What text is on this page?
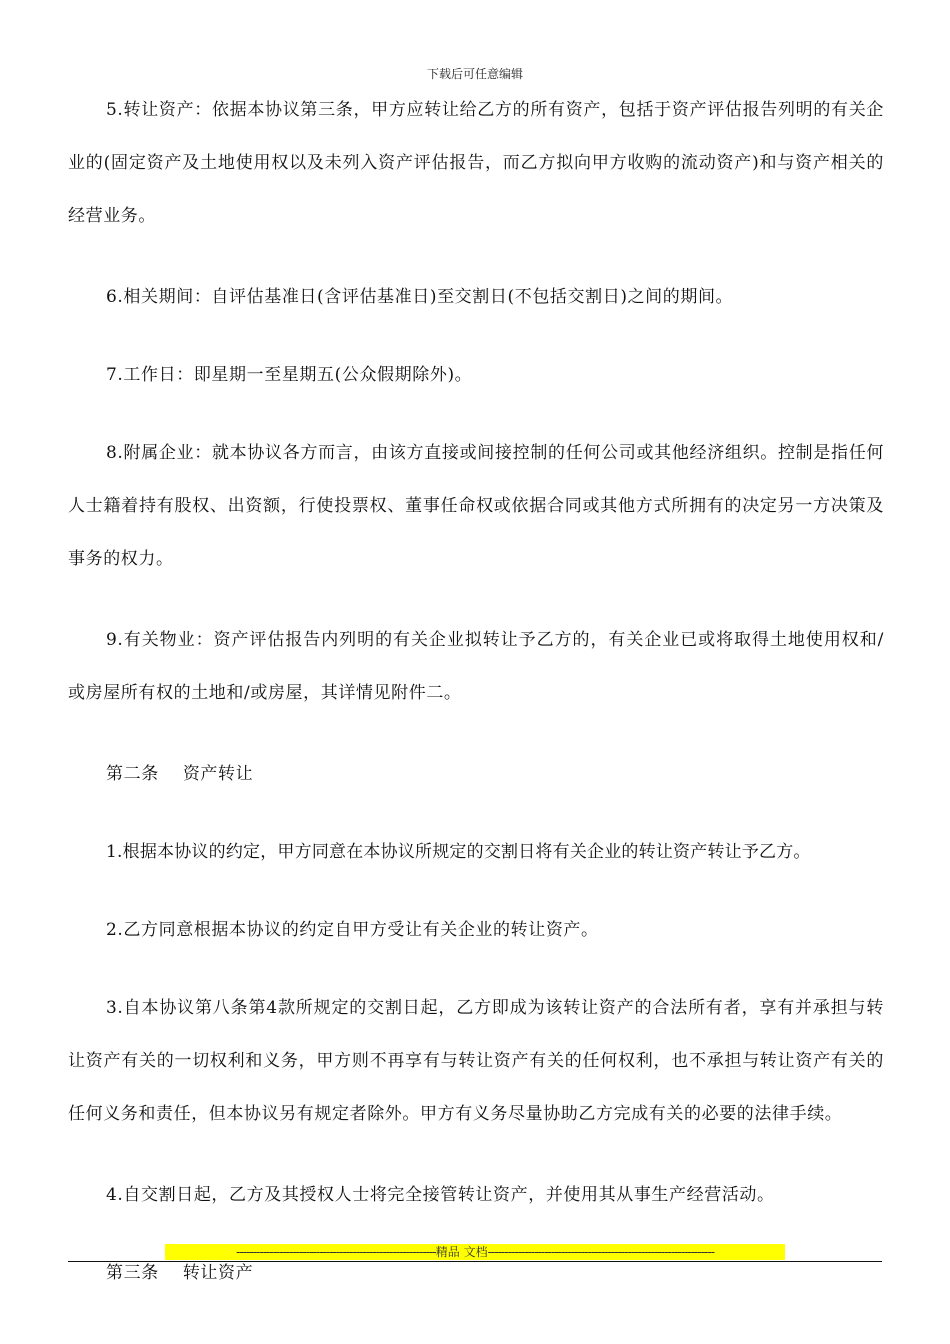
下载后可任意编辑

5.转让资产：依据本协议第三条，甲方应转让给乙方的所有资产，包括于资产评估报告列明的有关企业的(固定资产及土地使用权以及未列入资产评估报告，而乙方拟向甲方收购的流动资产)和与资产相关的经营业务。

6.相关期间：自评估基准日(含评估基准日)至交割日(不包括交割日)之间的期间。

7.工作日：即星期一至星期五(公众假期除外)。

8.附属企业：就本协议各方而言，由该方直接或间接控制的任何公司或其他经济组织。控制是指任何人士籍着持有股权、出资额，行使投票权、董事任命权或依据合同或其他方式所拥有的决定另一方决策及事务的权力。

9.有关物业：资产评估报告内列明的有关企业拟转让予乙方的，有关企业已或将取得土地使用权和/或房屋所有权的土地和/或房屋，其详情见附件二。

第二条 资产转让

1.根据本协议的约定，甲方同意在本协议所规定的交割日将有关企业的转让资产转让予乙方。

2.乙方同意根据本协议的约定自甲方受让有关企业的转让资产。

3.自本协议第八条第4款所规定的交割日起，乙方即成为该转让资产的合法所有者，享有并承担与转让资产有关的一切权利和义务，甲方则不再享有与转让资产有关的任何权利，也不承担与转让资产有关的任何义务和责任，但本协议另有规定者除外。甲方有义务尽量协助乙方完成有关的必要的法律手续。

4.自交割日起，乙方及其授权人士将完全接管转让资产，并使用其从事生产经营活动。

第三条 转让资产

------------------------------------------------------------精品 文档--------------------------------------------------------------------
